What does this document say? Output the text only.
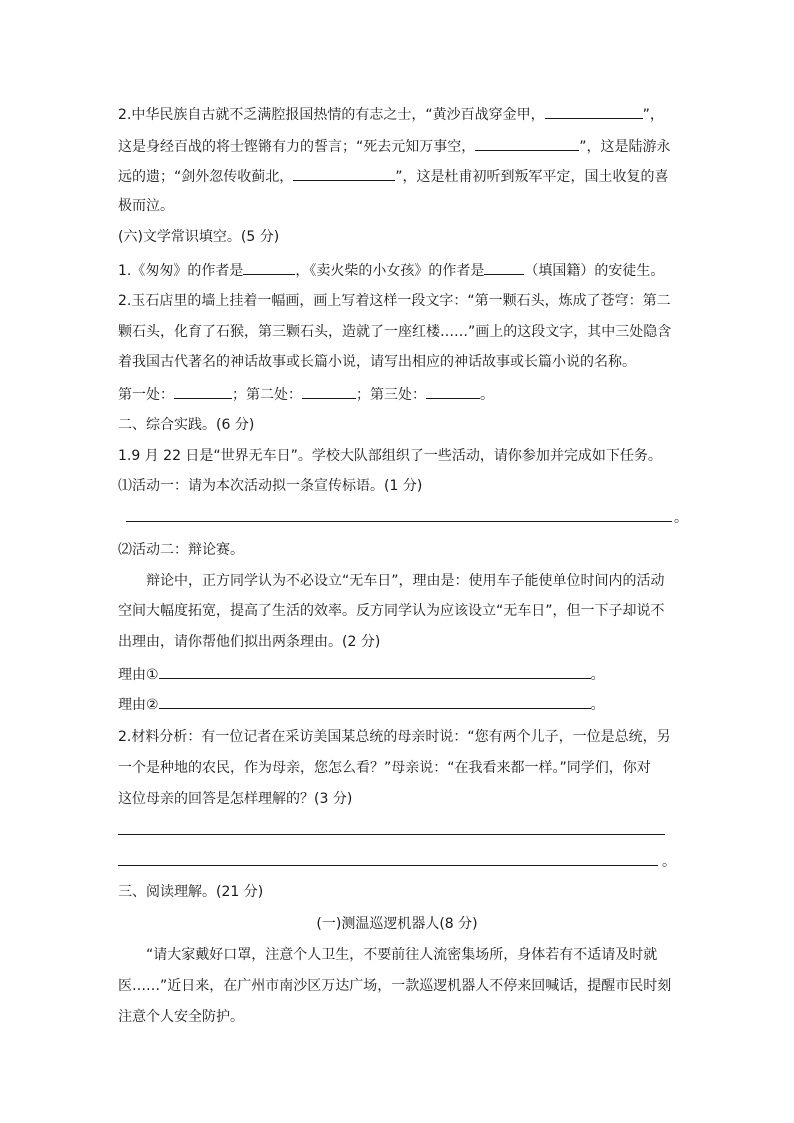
2.中华民族自古就不乏满腔报国热情的有志之士，“黄沙百战穿金甲，	”，
这是身经百战的将士铿锵有力的誓言；“死去元知万事空，	”，这是陆游永
远的遗；“剑外忽传收蓟北，	”，这是杜甫初听到叛军平定，国土收复的喜
极而泣。
(六)文学常识填空。(5 分)
1.《匆匆》的作者是	，《卖火柴的小女孩》的作者是	（填国籍）的安徒生。
2.玉石店里的墙上挂着一幅画，画上写着这样一段文字：“第一颗石头，炼成了苍穹：第二
颗石头，化育了石猴，第三颗石头，造就了一座红楼……”画上的这段文字，其中三处隐含
着我国古代著名的神话故事或长篇小说，请写出相应的神话故事或长篇小说的名称。
第一处：	；第二处：	；第三处：	。
二、综合实践。(6 分)
1.9 月 22 日是“世界无车日”。学校大队部组织了一些活动，请你参加并完成如下任务。
⑴活动一：请为本次活动拟一条宣传标语。(1 分)
。
⑵活动二：辩论赛。
辩论中，正方同学认为不必设立“无车日”，理由是：使用车子能使单位时间内的活动
空间大幅度拓宽，提高了生活的效率。反方同学认为应该设立“无车日”，但一下子却说不
出理由，请你帮他们拟出两条理由。(2 分)
理由①	。
理由②	。
2.材料分析：有一位记者在采访美国某总统的母亲时说：“您有两个儿子，一位是总统，另
一个是种地的农民，作为母亲，您怎么看？”母亲说：“在我看来都一样。”同学们，你对
这位母亲的回答是怎样理解的？(3 分)
。
三、阅读理解。(21 分)
(一)测温巡逻机器人(8 分)
“请大家戴好口罩，注意个人卫生，不要前往人流密集场所，身体若有不适请及时就
医……”近日来，在广州市南沙区万达广场，一款巡逻机器人不停来回喊话，提醒市民时刻
注意个人安全防护。
